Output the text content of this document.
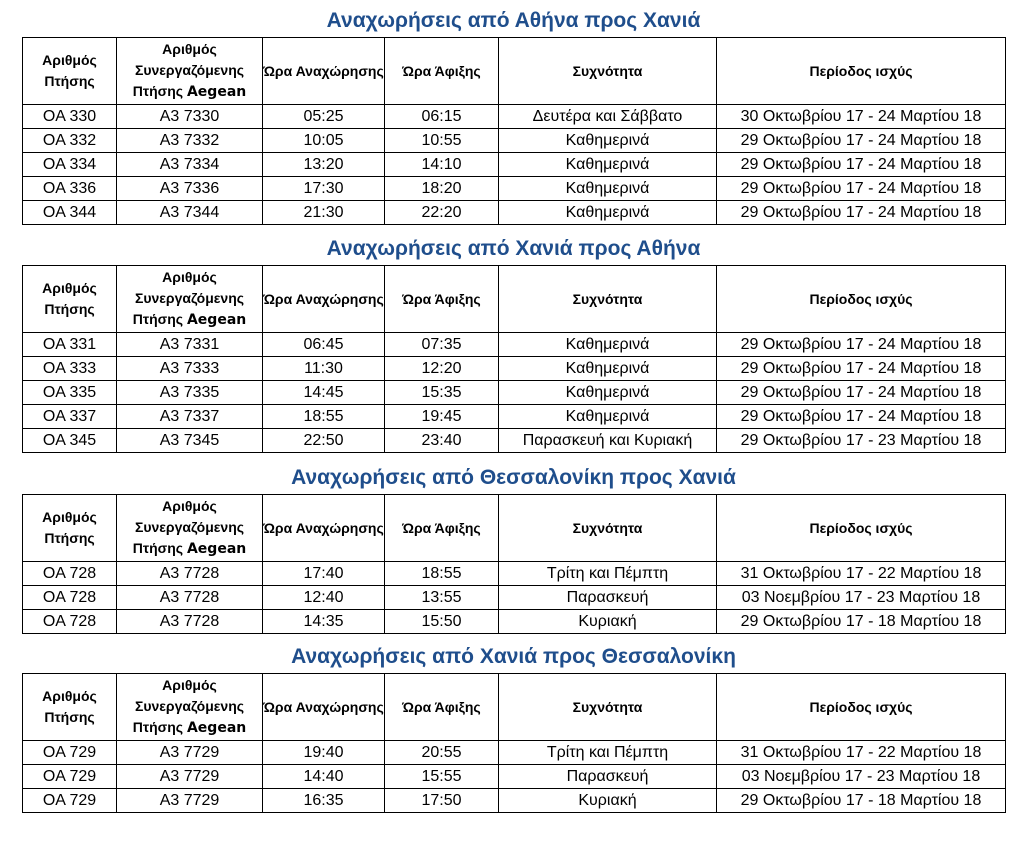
Αναχωρήσεις από Αθήνα προς Χανιά
Αριθμός Πτήσης	Αριθμός
Συνεργαζόμενης
Πτήσης Aegean	Ώρα Αναχώρησης	Ώρα Άφιξης	Συχνότητα	Περίοδος ισχύς
OA 330	A3 7330	05:25	06:15	Δευτέρα και Σάββατο	30 Οκτωβρίου 17 - 24 Μαρτίου 18
OA 332	A3 7332	10:05	10:55	Καθημερινά	29 Οκτωβρίου 17 - 24 Μαρτίου 18
OA 334	A3 7334	13:20	14:10	Καθημερινά	29 Οκτωβρίου 17 - 24 Μαρτίου 18
OA 336	A3 7336	17:30	18:20	Καθημερινά	29 Οκτωβρίου 17 - 24 Μαρτίου 18
OA 344	A3 7344	21:30	22:20	Καθημερινά	29 Οκτωβρίου 17 - 24 Μαρτίου 18
Αναχωρήσεις από Χανιά προς Αθήνα
Αριθμός Πτήσης	Αριθμός
Συνεργαζόμενης
Πτήσης Aegean	Ώρα Αναχώρησης	Ώρα Άφιξης	Συχνότητα	Περίοδος ισχύς
OA 331	A3 7331	06:45	07:35	Καθημερινά	29 Οκτωβρίου 17 - 24 Μαρτίου 18
OA 333	A3 7333	11:30	12:20	Καθημερινά	29 Οκτωβρίου 17 - 24 Μαρτίου 18
OA 335	A3 7335	14:45	15:35	Καθημερινά	29 Οκτωβρίου 17 - 24 Μαρτίου 18
OA 337	A3 7337	18:55	19:45	Καθημερινά	29 Οκτωβρίου 17 - 24 Μαρτίου 18
OA 345	A3 7345	22:50	23:40	Παρασκευή και Κυριακή	29 Οκτωβρίου 17 - 23 Μαρτίου 18
Αναχωρήσεις από Θεσσαλονίκη προς Χανιά
Αριθμός Πτήσης	Αριθμός
Συνεργαζόμενης
Πτήσης Aegean	Ώρα Αναχώρησης	Ώρα Άφιξης	Συχνότητα	Περίοδος ισχύς
OA 728	A3 7728	17:40	18:55	Τρίτη και Πέμπτη	31 Οκτωβρίου 17 - 22 Μαρτίου 18
OA 728	A3 7728	12:40	13:55	Παρασκευή	03 Νοεμβρίου 17 - 23 Μαρτίου 18
OA 728	A3 7728	14:35	15:50	Κυριακή	29 Οκτωβρίου 17 - 18 Μαρτίου 18
Αναχωρήσεις από Χανιά προς Θεσσαλονίκη
Αριθμός Πτήσης	Αριθμός
Συνεργαζόμενης
Πτήσης Aegean	Ώρα Αναχώρησης	Ώρα Άφιξης	Συχνότητα	Περίοδος ισχύς
OA 729	A3 7729	19:40	20:55	Τρίτη και Πέμπτη	31 Οκτωβρίου 17 - 22 Μαρτίου 18
OA 729	A3 7729	14:40	15:55	Παρασκευή	03 Νοεμβρίου 17 - 23 Μαρτίου 18
OA 729	A3 7729	16:35	17:50	Κυριακή	29 Οκτωβρίου 17 - 18 Μαρτίου 18
